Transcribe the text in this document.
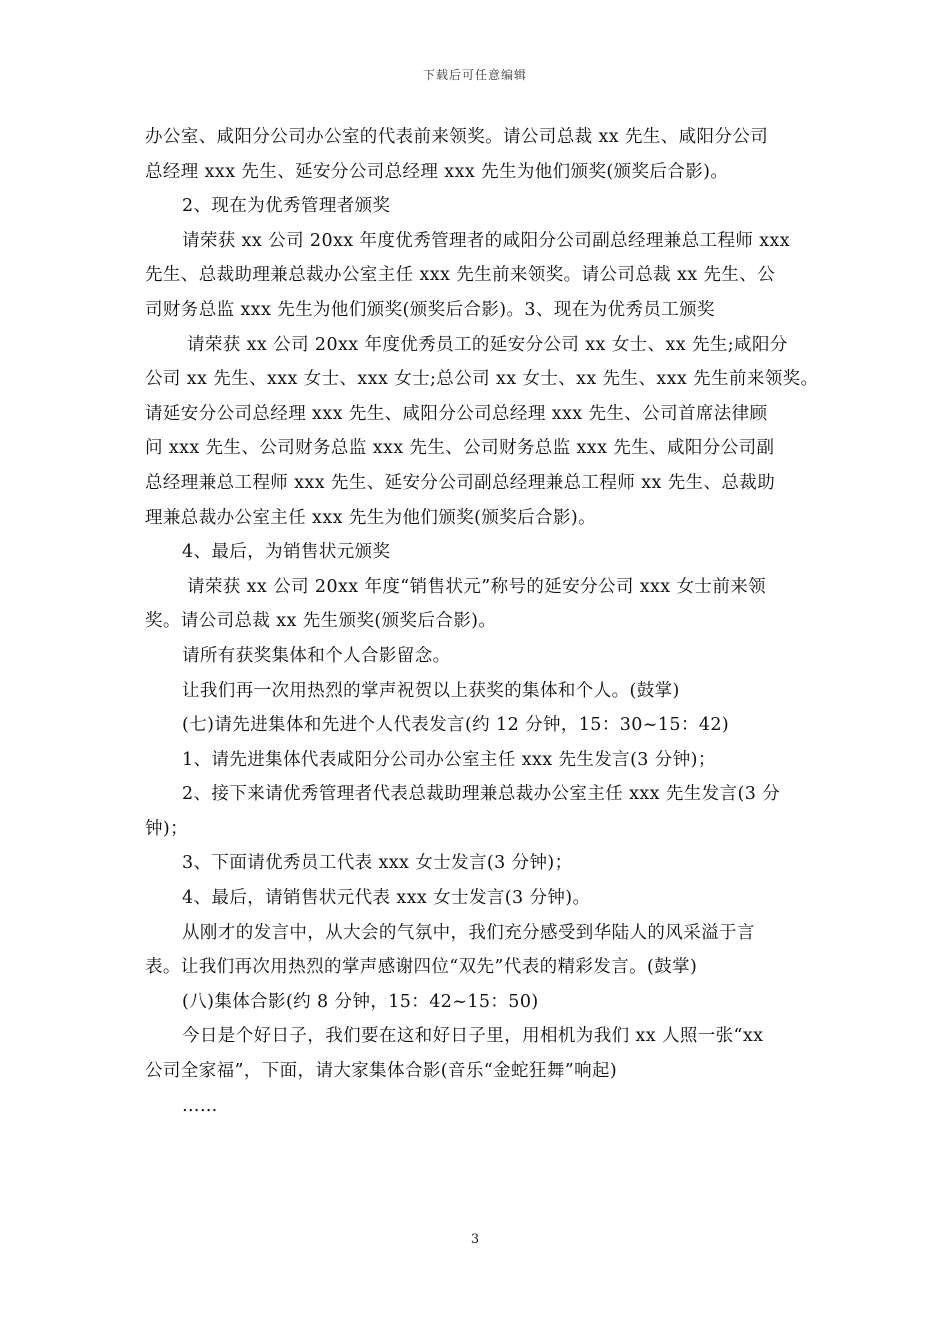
下载后可任意编辑
办公室、咸阳分公司办公室的代表前来领奖。请公司总裁 xx 先生、咸阳分公司
总经理 xxx 先生、延安分公司总经理 xxx 先生为他们颁奖(颁奖后合影)。
2、现在为优秀管理者颁奖
请荣获 xx 公司 20xx 年度优秀管理者的咸阳分公司副总经理兼总工程师 xxx
先生、总裁助理兼总裁办公室主任 xxx 先生前来领奖。请公司总裁 xx 先生、公
司财务总监 xxx 先生为他们颁奖(颁奖后合影)。3、现在为优秀员工颁奖
请荣获 xx 公司 20xx 年度优秀员工的延安分公司 xx 女士、xx 先生;咸阳分
公司 xx 先生、xxx 女士、xxx 女士;总公司 xx 女士、xx 先生、xxx 先生前来领奖。
请延安分公司总经理 xxx 先生、咸阳分公司总经理 xxx 先生、公司首席法律顾
问 xxx 先生、公司财务总监 xxx 先生、公司财务总监 xxx 先生、咸阳分公司副
总经理兼总工程师 xxx 先生、延安分公司副总经理兼总工程师 xx 先生、总裁助
理兼总裁办公室主任 xxx 先生为他们颁奖(颁奖后合影)。
4、最后，为销售状元颁奖
请荣获 xx 公司 20xx 年度“销售状元”称号的延安分公司 xxx 女士前来领
奖。请公司总裁 xx 先生颁奖(颁奖后合影)。
请所有获奖集体和个人合影留念。
让我们再一次用热烈的掌声祝贺以上获奖的集体和个人。(鼓掌)
(七)请先进集体和先进个人代表发言(约 12 分钟，15：30~15：42)
1、请先进集体代表咸阳分公司办公室主任 xxx 先生发言(3 分钟)；
2、接下来请优秀管理者代表总裁助理兼总裁办公室主任 xxx 先生发言(3 分
钟)；
3、下面请优秀员工代表 xxx 女士发言(3 分钟)；
4、最后，请销售状元代表 xxx 女士发言(3 分钟)。
从刚才的发言中，从大会的气氛中，我们充分感受到华陆人的风采溢于言
表。让我们再次用热烈的掌声感谢四位“双先”代表的精彩发言。(鼓掌)
(八)集体合影(约 8 分钟，15：42~15：50)
今日是个好日子，我们要在这和好日子里，用相机为我们 xx 人照一张“xx
公司全家福”，下面，请大家集体合影(音乐“金蛇狂舞”响起)
……
3
